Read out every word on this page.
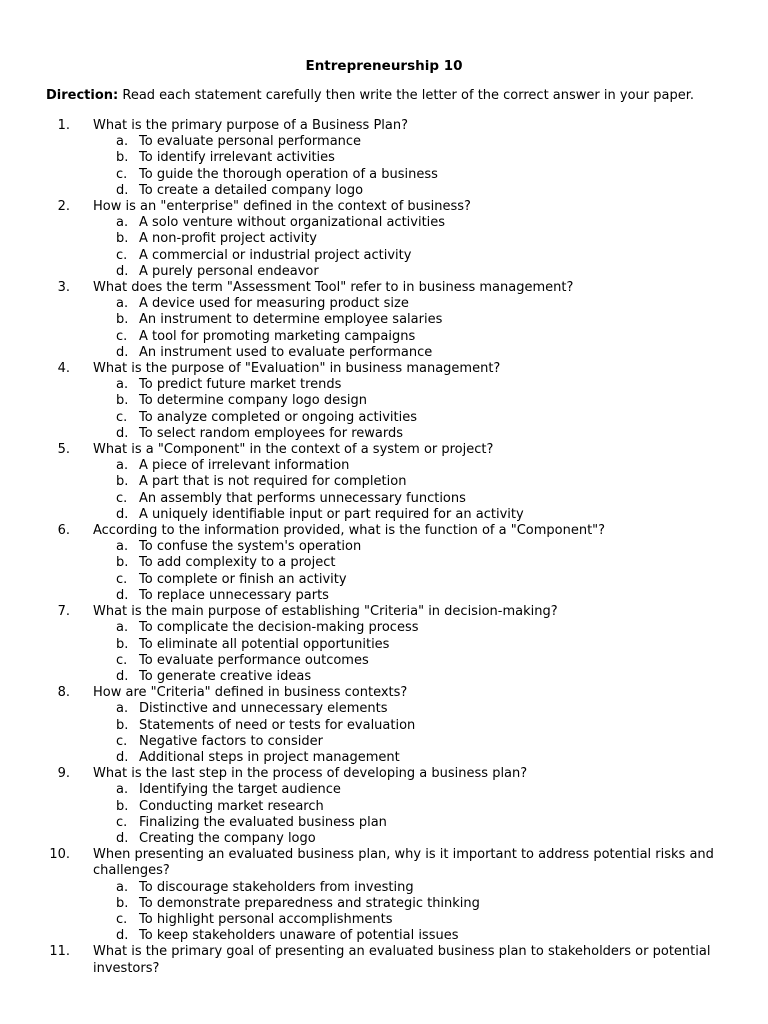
Entrepreneurship 10
Direction: Read each statement carefully then write the letter of the correct answer in your paper.
1. What is the primary purpose of a Business Plan?
a. To evaluate personal performance
b. To identify irrelevant activities
c. To guide the thorough operation of a business
d. To create a detailed company logo
2. How is an "enterprise" defined in the context of business?
a. A solo venture without organizational activities
b. A non-profit project activity
c. A commercial or industrial project activity
d. A purely personal endeavor
3. What does the term "Assessment Tool" refer to in business management?
a. A device used for measuring product size
b. An instrument to determine employee salaries
c. A tool for promoting marketing campaigns
d. An instrument used to evaluate performance
4. What is the purpose of "Evaluation" in business management?
a. To predict future market trends
b. To determine company logo design
c. To analyze completed or ongoing activities
d. To select random employees for rewards
5. What is a "Component" in the context of a system or project?
a. A piece of irrelevant information
b. A part that is not required for completion
c. An assembly that performs unnecessary functions
d. A uniquely identifiable input or part required for an activity
6. According to the information provided, what is the function of a "Component"?
a. To confuse the system's operation
b. To add complexity to a project
c. To complete or finish an activity
d. To replace unnecessary parts
7. What is the main purpose of establishing "Criteria" in decision-making?
a. To complicate the decision-making process
b. To eliminate all potential opportunities
c. To evaluate performance outcomes
d. To generate creative ideas
8. How are "Criteria" defined in business contexts?
a. Distinctive and unnecessary elements
b. Statements of need or tests for evaluation
c. Negative factors to consider
d. Additional steps in project management
9. What is the last step in the process of developing a business plan?
a. Identifying the target audience
b. Conducting market research
c. Finalizing the evaluated business plan
d. Creating the company logo
10. When presenting an evaluated business plan, why is it important to address potential risks and challenges?
a. To discourage stakeholders from investing
b. To demonstrate preparedness and strategic thinking
c. To highlight personal accomplishments
d. To keep stakeholders unaware of potential issues
11. What is the primary goal of presenting an evaluated business plan to stakeholders or potential investors?
